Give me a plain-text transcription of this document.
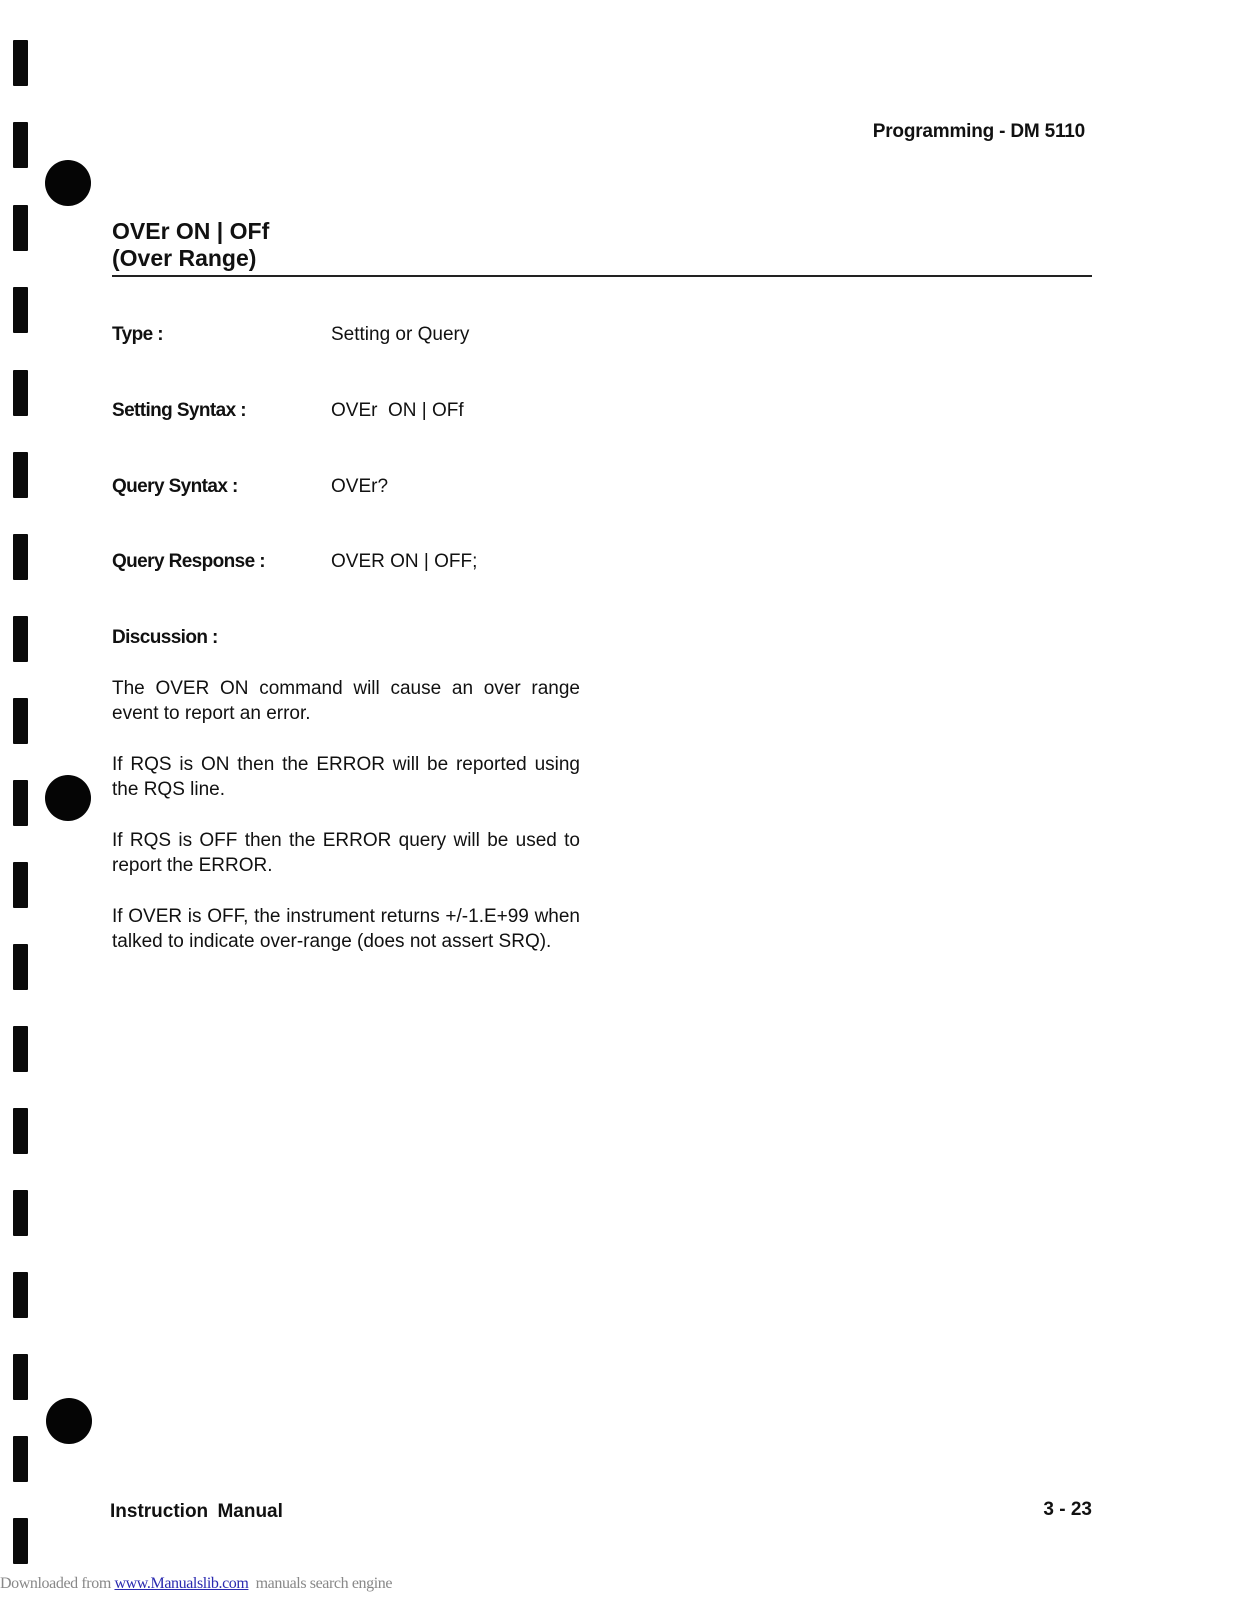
Programming - DM 5110
OVEr ON | OFf
(Over Range)
Type :	Setting or Query
Setting Syntax :	OVEr  ON | OFf
Query Syntax :	OVEr?
Query Response :	OVER ON | OFF;
Discussion :

The OVER ON command will cause an over range event to report an error.

If RQS is ON then the ERROR will be reported using the RQS line.

If RQS is OFF then the ERROR query will be used to report the ERROR.

If OVER is OFF, the instrument returns +/-1.E+99 when talked to indicate over-range (does not assert SRQ).

Instruction Manual	3 - 23
Downloaded from www.Manualslib.com  manuals search engine
